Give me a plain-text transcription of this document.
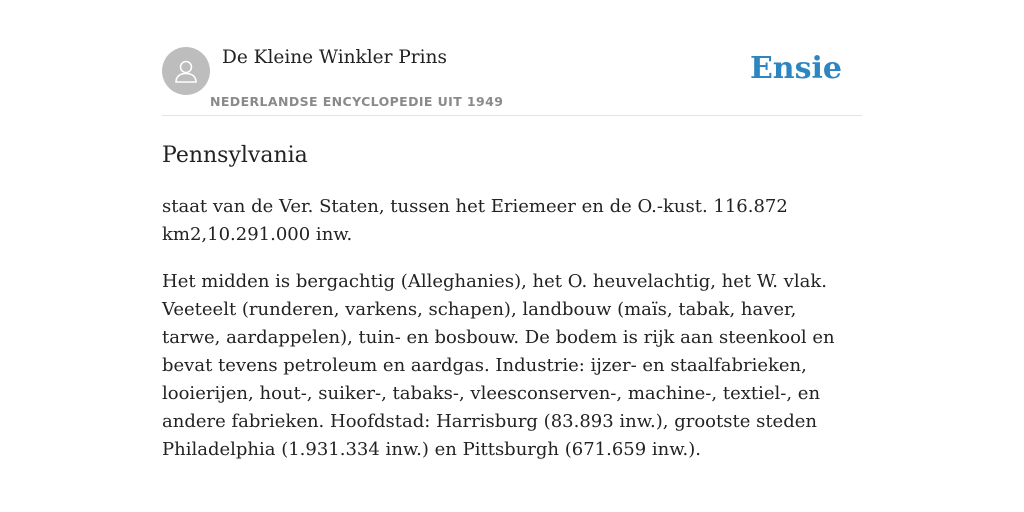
De Kleine Winkler Prins
NEDERLANDSE ENCYCLOPEDIE UIT 1949
Ensie
Pennsylvania

staat van de Ver. Staten, tussen het Eriemeer en de O.-kust. 116.872 km2,10.291.000 inw.

Het midden is bergachtig (Alleghanies), het O. heuvelachtig, het W. vlak. Veeteelt (runderen, varkens, schapen), landbouw (maïs, tabak, haver, tarwe, aardappelen), tuin- en bosbouw. De bodem is rijk aan steenkool en bevat tevens petroleum en aardgas. Industrie: ijzer- en staalfabrieken, looierijen, hout-, suiker-, tabaks-, vleesconserven-, machine-, textiel-, en andere fabrieken. Hoofdstad: Harrisburg (83.893 inw.), grootste steden Philadelphia (1.931.334 inw.) en Pittsburgh (671.659 inw.).
